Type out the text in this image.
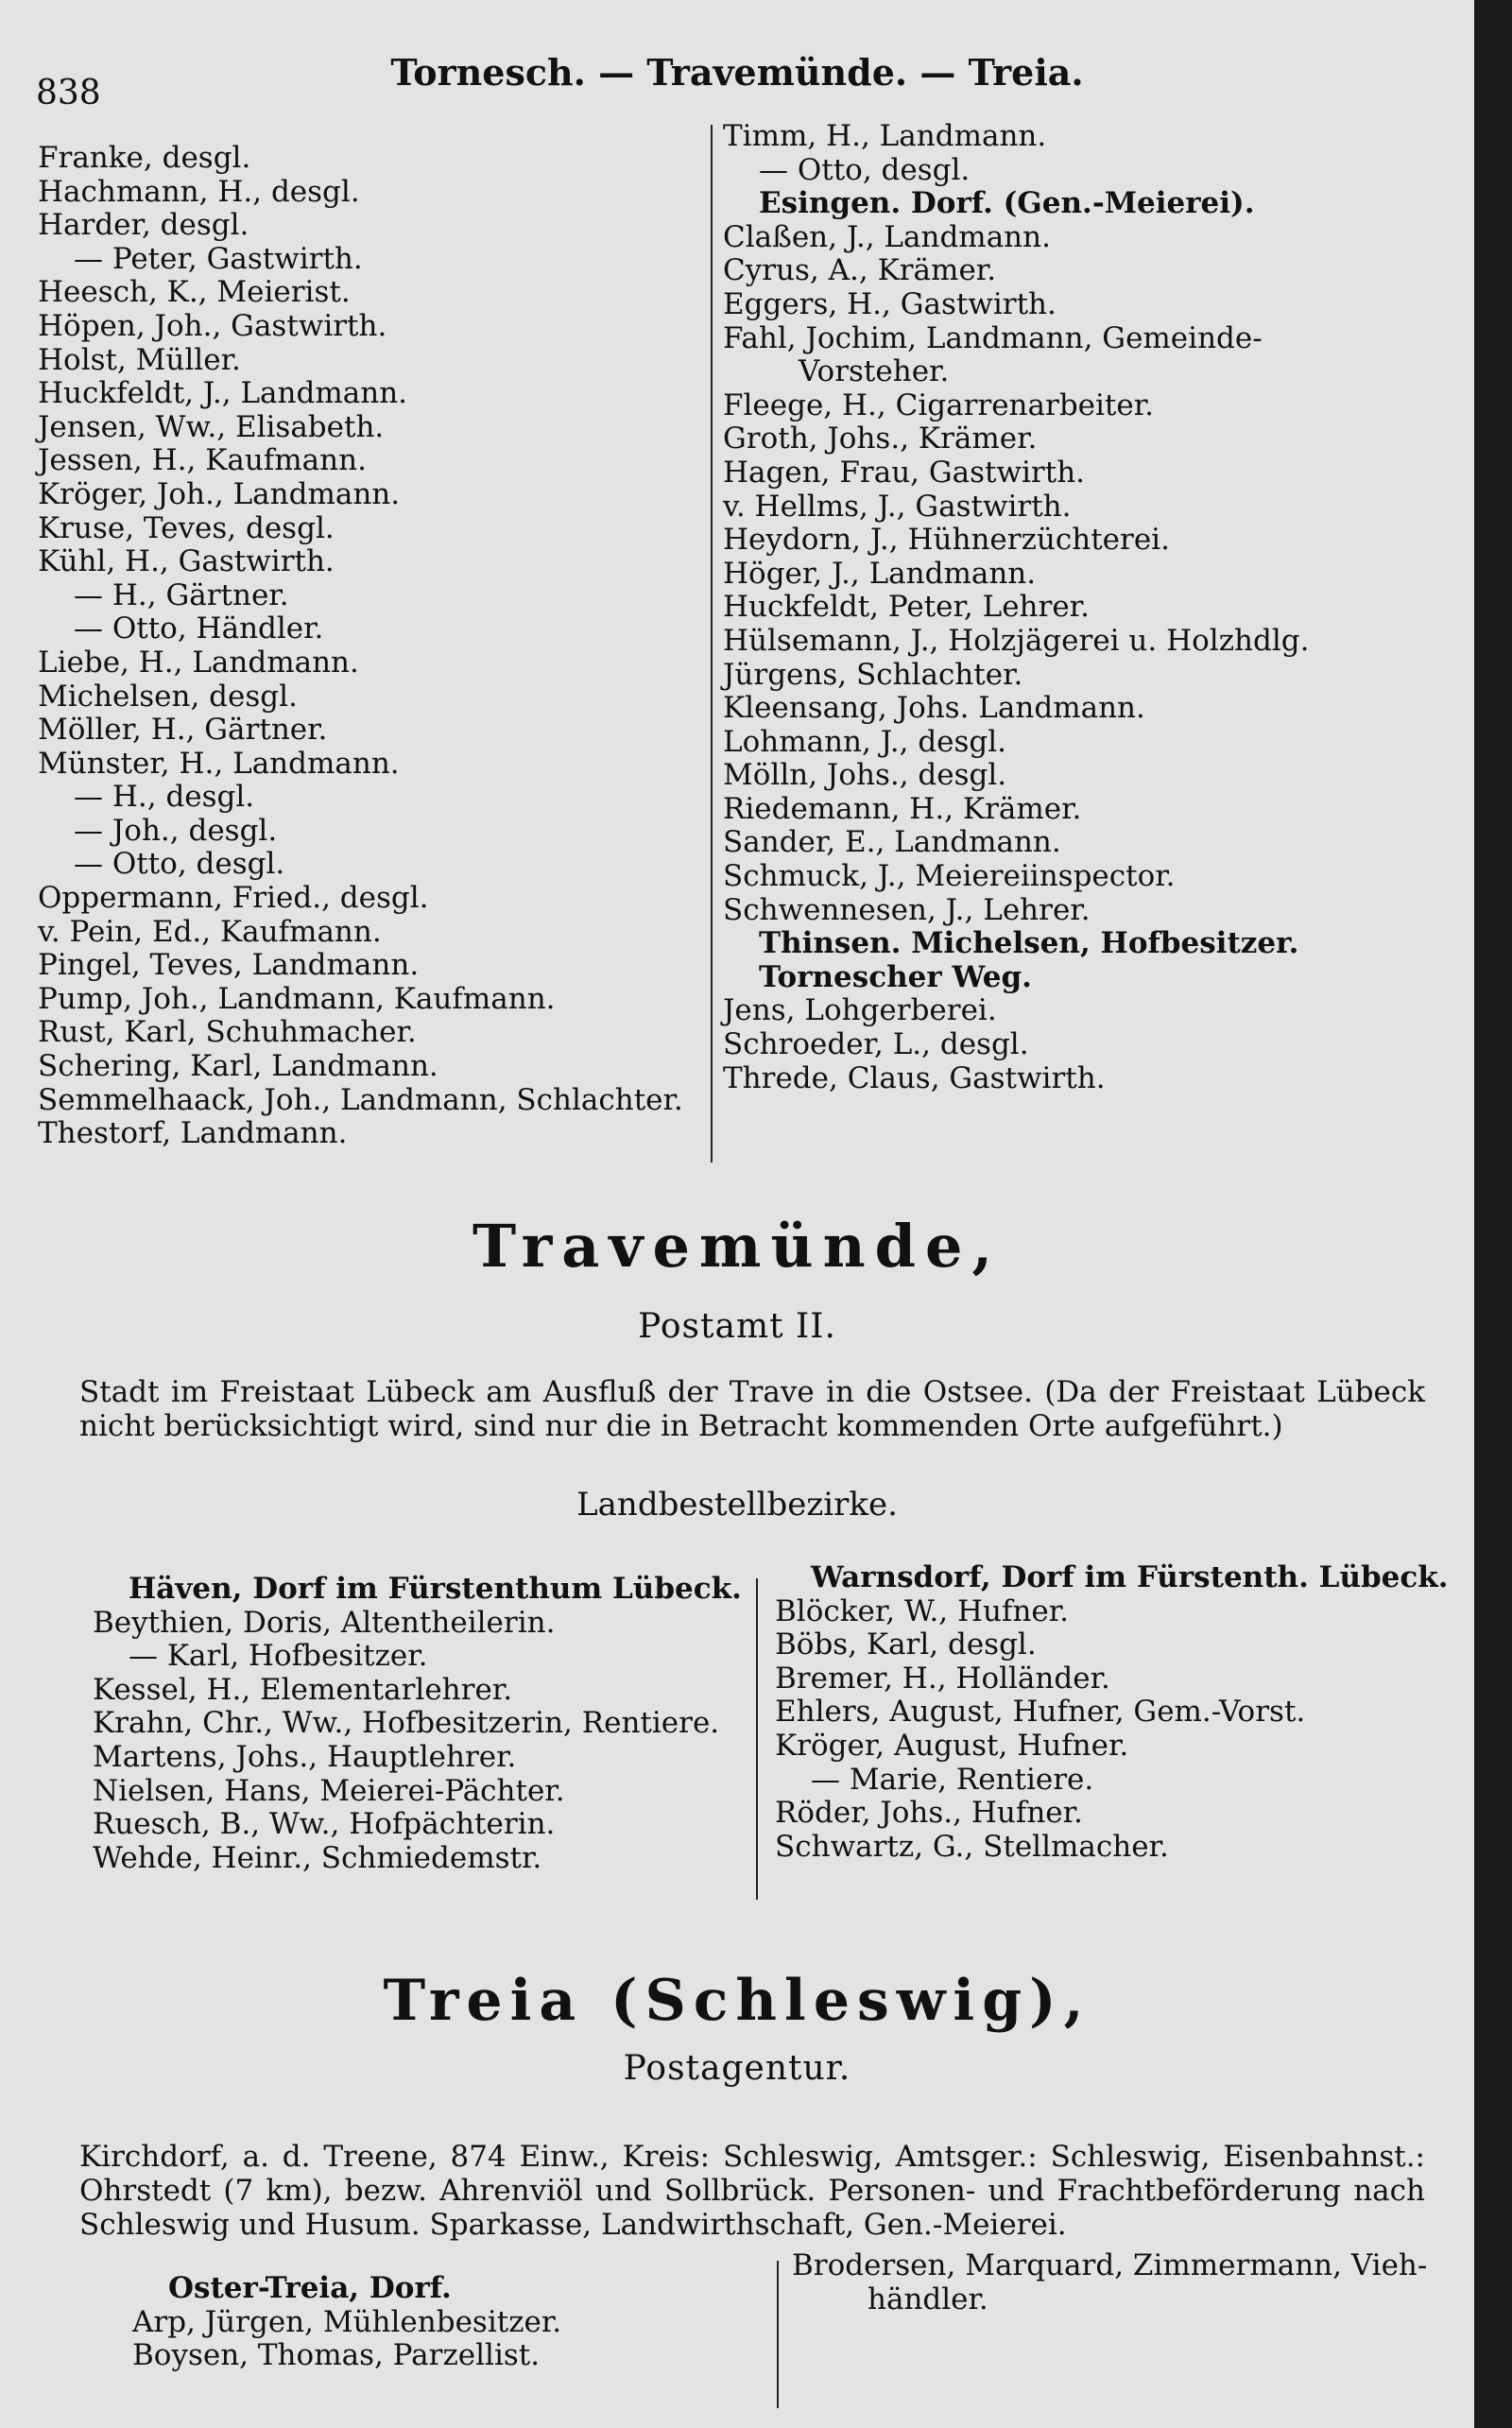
838	Tornesch. — Travemünde. — Treia.
Franke, desgl.
Hachmann, H., desgl.
Harder, desgl.
— Peter, Gastwirth.
Heesch, K., Meierist.
Höpen, Joh., Gastwirth.
Holst, Müller.
Huckfeldt, J., Landmann.
Jensen, Ww., Elisabeth.
Jessen, H., Kaufmann.
Kröger, Joh., Landmann.
Kruse, Teves, desgl.
Kühl, H., Gastwirth.
— H., Gärtner.
— Otto, Händler.
Liebe, H., Landmann.
Michelsen, desgl.
Möller, H., Gärtner.
Münster, H., Landmann.
— H., desgl.
— Joh., desgl.
— Otto, desgl.
Oppermann, Fried., desgl.
v. Pein, Ed., Kaufmann.
Pingel, Teves, Landmann.
Pump, Joh., Landmann, Kaufmann.
Rust, Karl, Schuhmacher.
Schering, Karl, Landmann.
Semmelhaack, Joh., Landmann, Schlachter.
Thestorf, Landmann.
Timm, H., Landmann.
— Otto, desgl.
Esingen. Dorf. (Gen.-Meierei).
Claßen, J., Landmann.
Cyrus, A., Krämer.
Eggers, H., Gastwirth.
Fahl, Jochim, Landmann, Gemeinde-
Vorsteher.
Fleege, H., Cigarrenarbeiter.
Groth, Johs., Krämer.
Hagen, Frau, Gastwirth.
v. Hellms, J., Gastwirth.
Heydorn, J., Hühnerzüchterei.
Höger, J., Landmann.
Huckfeldt, Peter, Lehrer.
Hülsemann, J., Holzjägerei u. Holzhdlg.
Jürgens, Schlachter.
Kleensang, Johs. Landmann.
Lohmann, J., desgl.
Mölln, Johs., desgl.
Riedemann, H., Krämer.
Sander, E., Landmann.
Schmuck, J., Meiereiinspector.
Schwennesen, J., Lehrer.
Thinsen. Michelsen, Hofbesitzer.
Tornescher Weg.
Jens, Lohgerberei.
Schroeder, L., desgl.
Threde, Claus, Gastwirth.
Travemünde,
Postamt II.
Stadt im Freistaat Lübeck am Ausfluß der Trave in die Ostsee. (Da der Freistaat Lübeck nicht berücksichtigt wird, sind nur die in Betracht kommenden Orte aufgeführt.)
Landbestellbezirke.
Häven, Dorf im Fürstenthum Lübeck.
Beythien, Doris, Altentheilerin.
— Karl, Hofbesitzer.
Kessel, H., Elementarlehrer.
Krahn, Chr., Ww., Hofbesitzerin, Rentiere.
Martens, Johs., Hauptlehrer.
Nielsen, Hans, Meierei-Pächter.
Ruesch, B., Ww., Hofpächterin.
Wehde, Heinr., Schmiedemstr.
Warnsdorf, Dorf im Fürstenth. Lübeck.
Blöcker, W., Hufner.
Böbs, Karl, desgl.
Bremer, H., Holländer.
Ehlers, August, Hufner, Gem.-Vorst.
Kröger, August, Hufner.
— Marie, Rentiere.
Röder, Johs., Hufner.
Schwartz, G., Stellmacher.
Treia (Schleswig),
Postagentur.
Kirchdorf, a. d. Treene, 874 Einw., Kreis: Schleswig, Amtsger.: Schleswig, Eisenbahnst.: Ohrstedt (7 km), bezw. Ahrenviöl und Sollbrück. Personen- und Frachtbeförderung nach Schleswig und Husum. Sparkasse, Landwirthschaft, Gen.-Meierei.
Oster-Treia, Dorf.
Arp, Jürgen, Mühlenbesitzer.
Boysen, Thomas, Parzellist.
Brodersen, Marquard, Zimmermann, Vieh-
händler.
